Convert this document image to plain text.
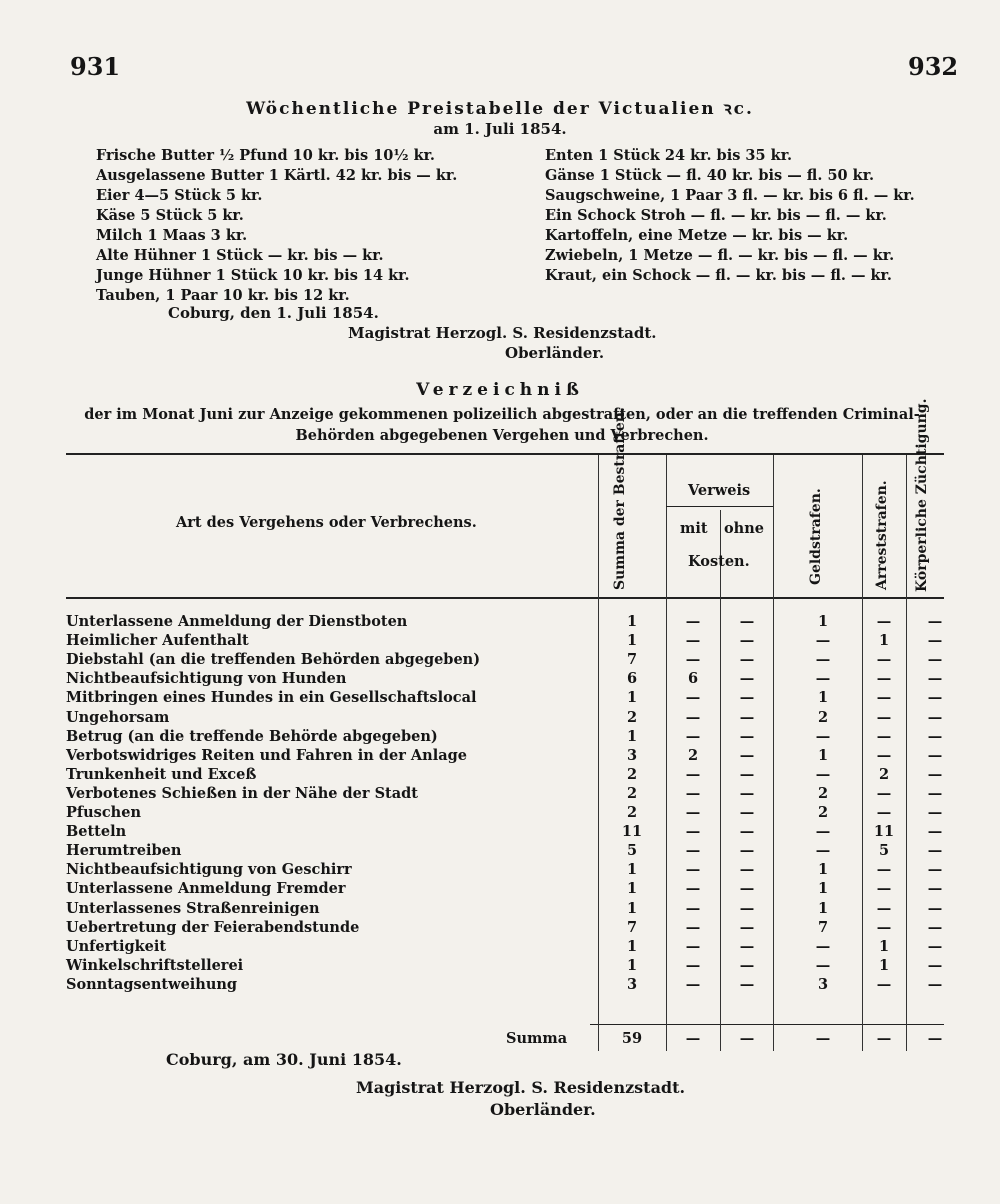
931	932
Wöchentliche Preistabelle der Victualien ꝛc.
am 1. Juli 1854.
Frische Butter ½ Pfund 10 kr. bis 10½ kr.
Ausgelassene Butter 1 Kärtl. 42 kr. bis — kr.
Eier 4—5 Stück 5 kr.
Käse 5 Stück 5 kr.
Milch 1 Maas 3 kr.
Alte Hühner 1 Stück — kr. bis — kr.
Junge Hühner 1 Stück 10 kr. bis 14 kr.
Tauben, 1 Paar 10 kr. bis 12 kr.
Enten 1 Stück 24 kr. bis 35 kr.
Gänse 1 Stück — fl. 40 kr. bis — fl. 50 kr.
Saugschweine, 1 Paar 3 fl. — kr. bis 6 fl. — kr.
Ein Schock Stroh — fl. — kr. bis — fl. — kr.
Kartoffeln, eine Metze — kr. bis — kr.
Zwiebeln, 1 Metze — fl. — kr. bis — fl. — kr.
Kraut, ein Schock — fl. — kr. bis — fl. — kr.
Coburg, den 1. Juli 1854.
Magistrat Herzogl. S. Residenzstadt.
Oberländer.
Verzeichniß
der im Monat Juni zur Anzeige gekommenen polizeilich abgestraften, oder an die treffenden Criminal-Behörden abgegebenen Vergehen und Verbrechen.
Art des Vergehens oder Verbrechens.	Summa der Bestraften.	Verweis
mit ohne
Kosten.	Geldstrafen.	Arreststrafen. Körperliche Züchtigung.
Unterlassene Anmeldung der Dienstboten	1	—	—	1	—	—
Heimlicher Aufenthalt	1	—	—	—	1	—
Diebstahl (an die treffenden Behörden abgegeben)	7	—	—	—	—	—
Nichtbeaufsichtigung von Hunden	6	6	—	—	—	—
Mitbringen eines Hundes in ein Gesellschaftslocal	1	—	—	1	—	—
Ungehorsam	2	—	—	2	—	—
Betrug (an die treffende Behörde abgegeben)	1	—	—	—	—	—
Verbotswidriges Reiten und Fahren in der Anlage	3	2	—	1	—	—
Trunkenheit und Exceß	2	—	—	—	2	—
Verbotenes Schießen in der Nähe der Stadt	2	—	—	2	—	—
Pfuschen	2	—	—	2	—	—
Betteln	11	—	—	—	11	—
Herumtreiben	5	—	—	—	5	—
Nichtbeaufsichtigung von Geschirr	1	—	—	1	—	—
Unterlassene Anmeldung Fremder	1	—	—	1	—	—
Unterlassenes Straßenreinigen	1	—	—	1	—	—
Uebertretung der Feierabendstunde	7	—	—	7	—	—
Unfertigkeit	1	—	—	—	1	—
Winkelschriftstellerei	1	—	—	—	1	—
Sonntagsentweihung	3	—	—	3	—	—
Summa	59	—	—	—	—	—
Coburg, am 30. Juni 1854.
Magistrat Herzogl. S. Residenzstadt.
Oberländer.
